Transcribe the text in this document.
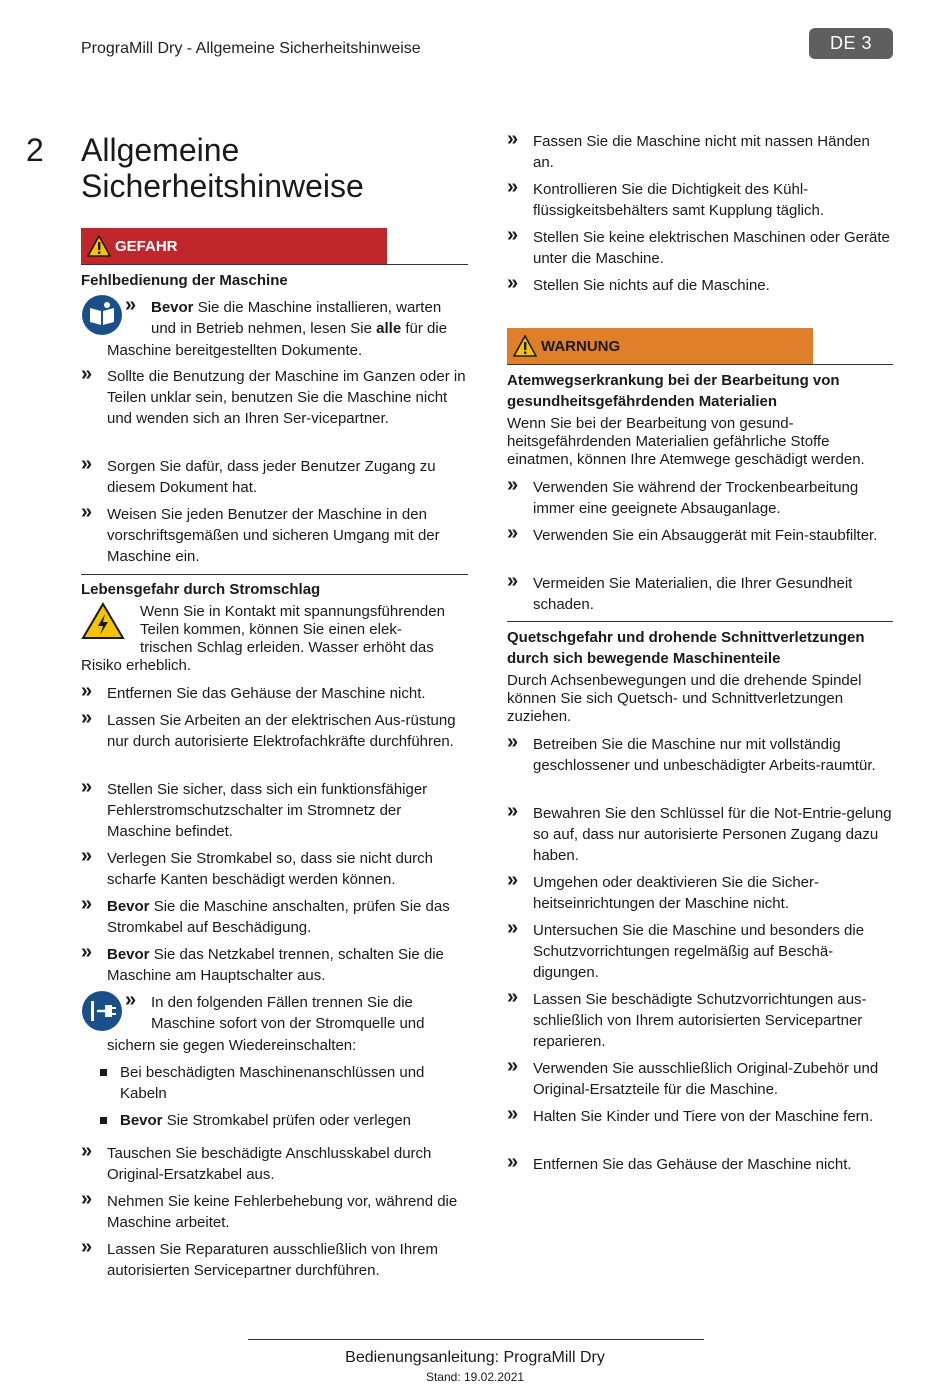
PrograMill Dry - Allgemeine Sicherheitshinweise	DE 3
2 Allgemeine
Sicherheitshinweise
GEFAHR
Fehlbedienung der Maschine
» Bevor Sie die Maschine installieren, warten
und in Betrieb nehmen, lesen Sie alle für die
Maschine bereitgestellten Dokumente.
» Sollte die Benutzung der Maschine im Ganzen oder in Teilen unklar sein, benutzen Sie die Maschine nicht und wenden sich an Ihren Ser-vicepartner.
» Sorgen Sie dafür, dass jeder Benutzer Zugang zu diesem Dokument hat.
» Weisen Sie jeden Benutzer der Maschine in den vorschriftsgemäßen und sicheren Umgang mit der Maschine ein.
Lebensgefahr durch Stromschlag
Wenn Sie in Kontakt mit spannungsführenden
Teilen kommen, können Sie einen elek-
trischen Schlag erleiden. Wasser erhöht das
Risiko erheblich.
» Entfernen Sie das Gehäuse der Maschine nicht.
» Lassen Sie Arbeiten an der elektrischen Aus-rüstung nur durch autorisierte Elektrofachkräfte durchführen.
» Stellen Sie sicher, dass sich ein funktionsfähiger Fehlerstromschutzschalter im Stromnetz der Maschine befindet.
» Verlegen Sie Stromkabel so, dass sie nicht durch scharfe Kanten beschädigt werden können.
» Bevor Sie die Maschine anschalten, prüfen Sie das Stromkabel auf Beschädigung.
» Bevor Sie das Netzkabel trennen, schalten Sie die Maschine am Hauptschalter aus.
» In den folgenden Fällen trennen Sie die
Maschine sofort von der Stromquelle und
sichern sie gegen Wiedereinschalten:
Bei beschädigten Maschinenanschlüssen und Kabeln
Bevor Sie Stromkabel prüfen oder verlegen
» Tauschen Sie beschädigte Anschlusskabel durch Original-Ersatzkabel aus.
» Nehmen Sie keine Fehlerbehebung vor, während die Maschine arbeitet.
» Lassen Sie Reparaturen ausschließlich von Ihrem autorisierten Servicepartner durchführen.
» Fassen Sie die Maschine nicht mit nassen Händen an.
» Kontrollieren Sie die Dichtigkeit des Kühl-flüssigkeitsbehälters samt Kupplung täglich.
» Stellen Sie keine elektrischen Maschinen oder Geräte unter die Maschine.
» Stellen Sie nichts auf die Maschine.
WARNUNG
Atemwegserkrankung bei der Bearbeitung von gesundheitsgefährdenden Materialien
Wenn Sie bei der Bearbeitung von gesund-heitsgefährdenden Materialien gefährliche Stoffe einatmen, können Ihre Atemwege geschädigt werden.
» Verwenden Sie während der Trockenbearbeitung immer eine geeignete Absauganlage.
» Verwenden Sie ein Absauggerät mit Fein-staubfilter.
» Vermeiden Sie Materialien, die Ihrer Gesundheit schaden.
Quetschgefahr und drohende Schnittverletzungen durch sich bewegende Maschinenteile
Durch Achsenbewegungen und die drehende Spindel können Sie sich Quetsch- und Schnittverletzungen zuziehen.
» Betreiben Sie die Maschine nur mit vollständig geschlossener und unbeschädigter Arbeits-raumtür.
» Bewahren Sie den Schlüssel für die Not-Entrie-gelung so auf, dass nur autorisierte Personen Zugang dazu haben.
» Umgehen oder deaktivieren Sie die Sicher-heitseinrichtungen der Maschine nicht.
» Untersuchen Sie die Maschine und besonders die Schutzvorrichtungen regelmäßig auf Beschä-digungen.
» Lassen Sie beschädigte Schutzvorrichtungen aus-schließlich von Ihrem autorisierten Servicepartner reparieren.
» Verwenden Sie ausschließlich Original-Zubehör und Original-Ersatzteile für die Maschine.
» Halten Sie Kinder und Tiere von der Maschine fern.
» Entfernen Sie das Gehäuse der Maschine nicht.
Bedienungsanleitung: PrograMill Dry
Stand: 19.02.2021
